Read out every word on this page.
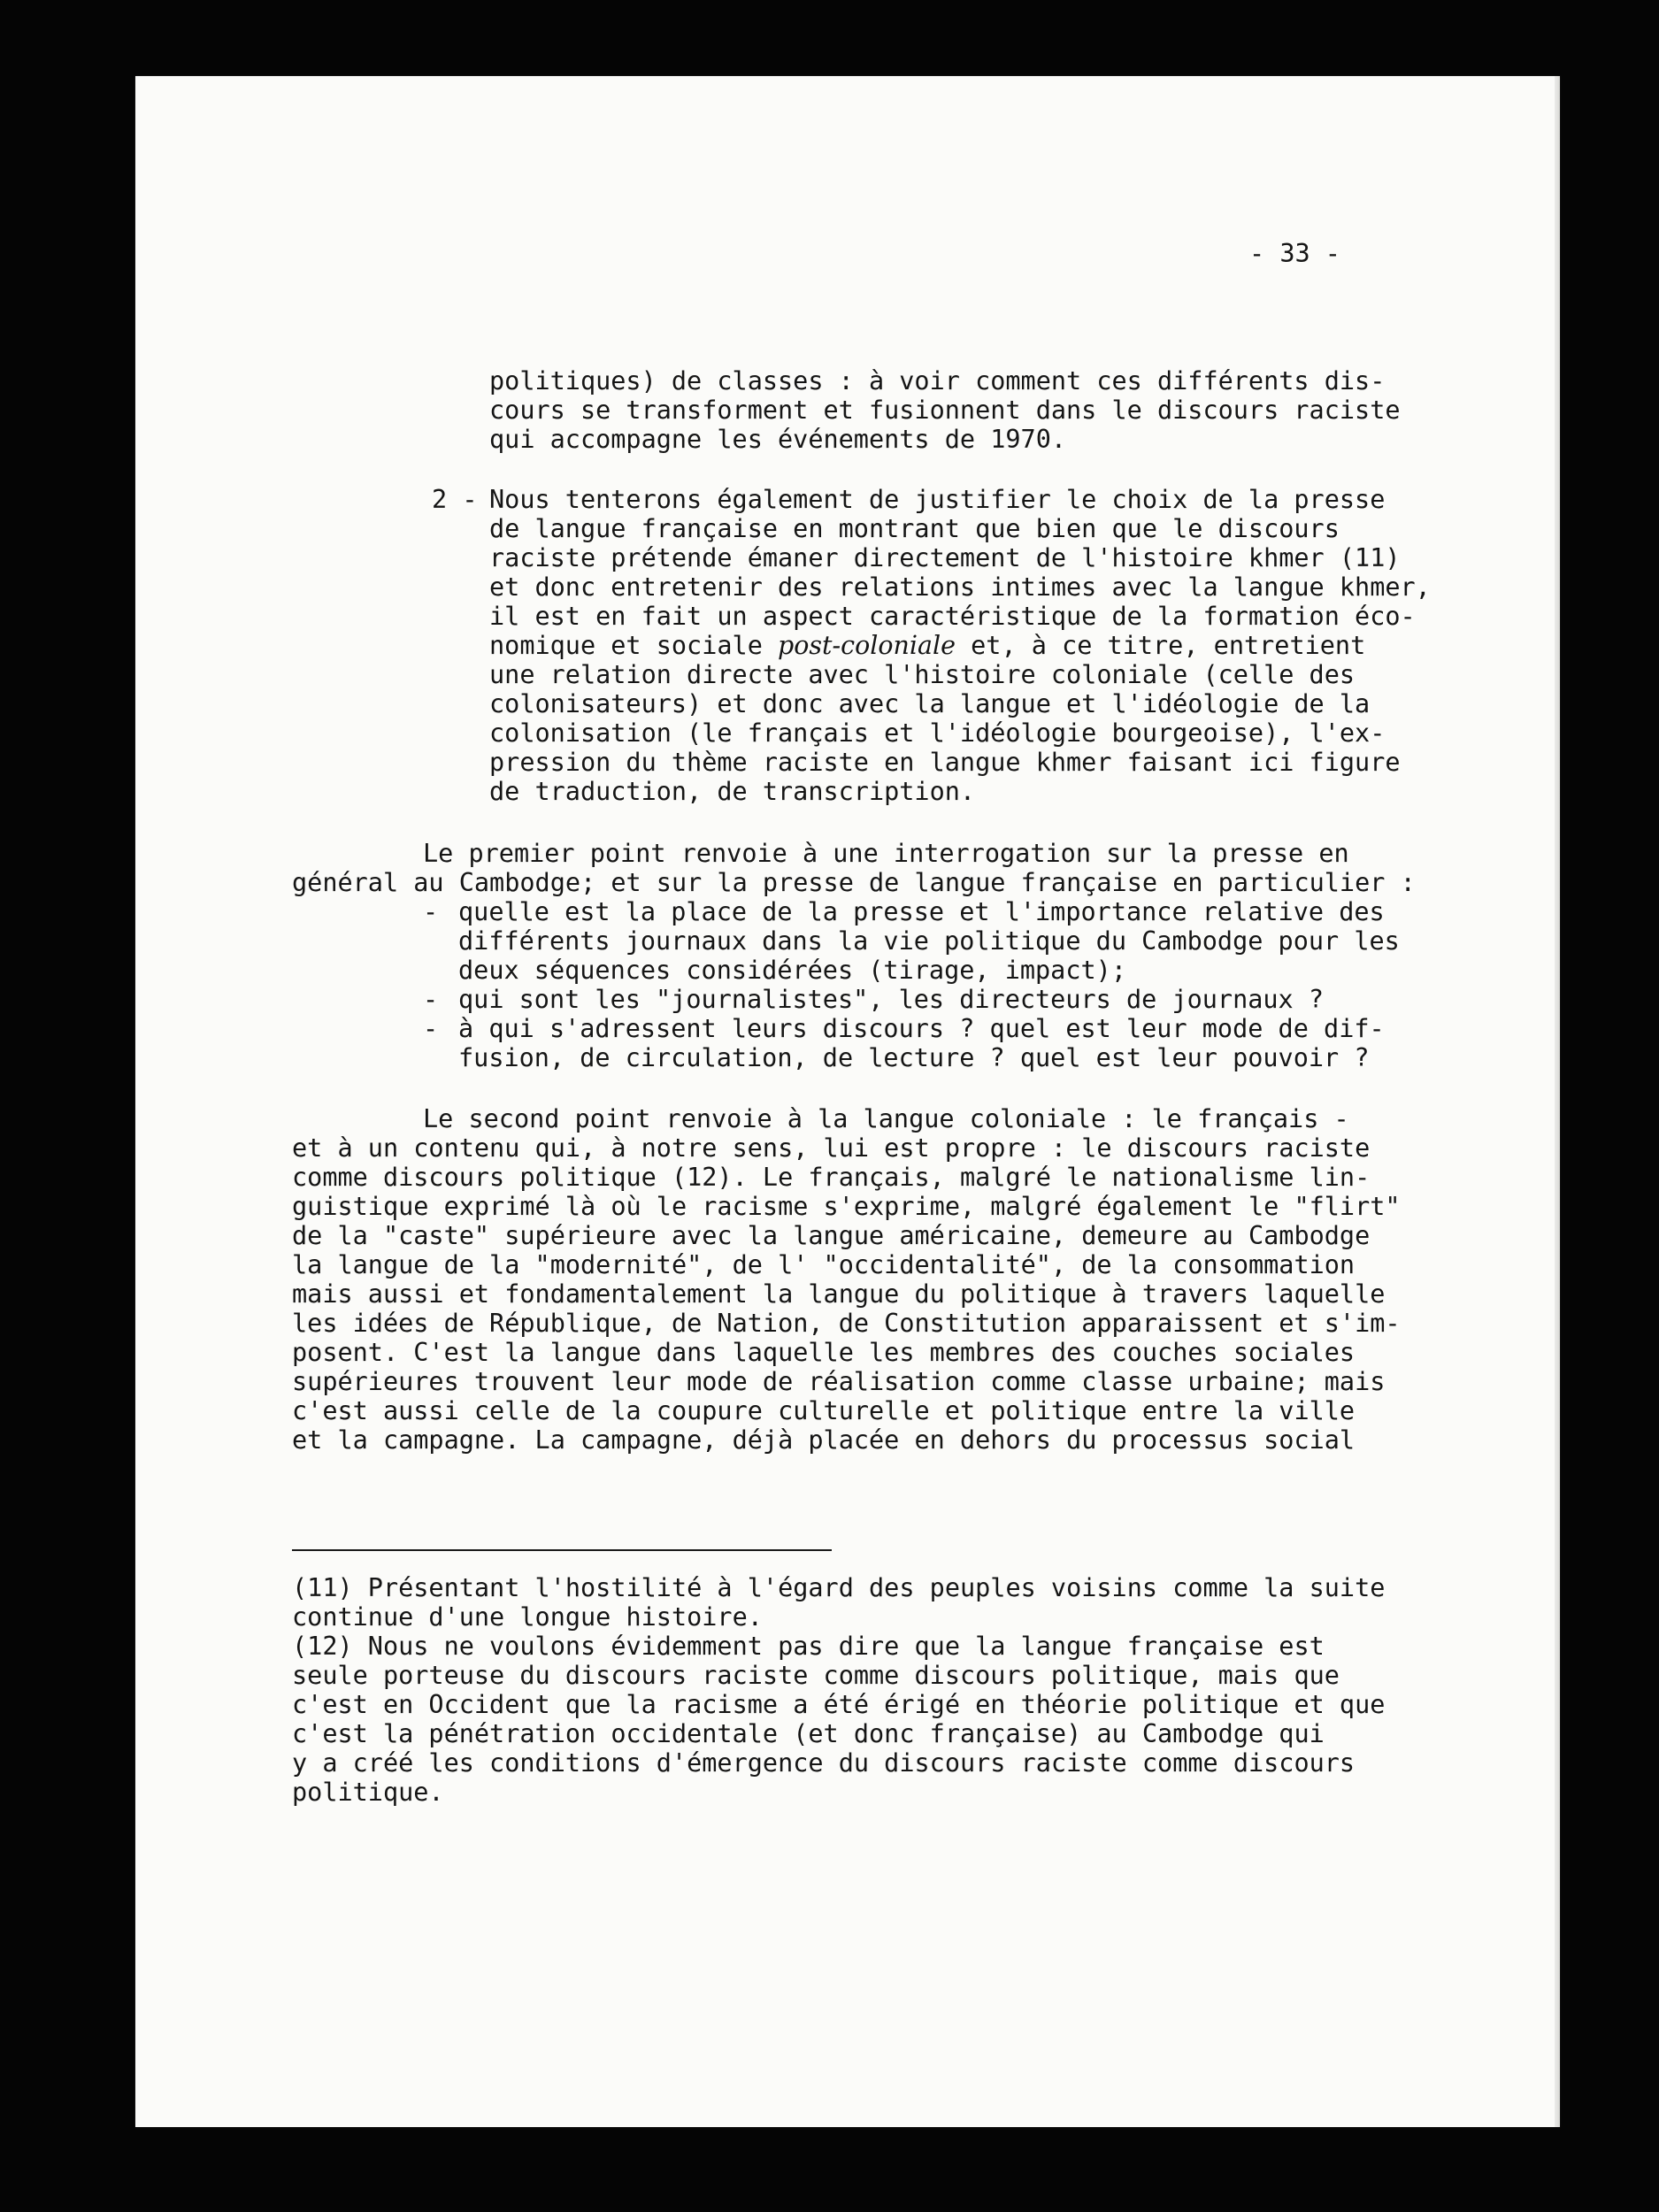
- 33 -

politiques) de classes : à voir comment ces différents dis-

cours se transforment et fusionnent dans le discours raciste

qui accompagne les événements de 1970.

2 -

Nous tenterons également de justifier le choix de la presse

de langue française en montrant que bien que le discours

raciste prétende émaner directement de l'histoire khmer (11)

et donc entretenir des relations intimes avec la langue khmer,

il est en fait un aspect caractéristique de la formation éco-

nomique et sociale post-coloniale et, à ce titre, entretient

une relation directe avec l'histoire coloniale (celle des

colonisateurs) et donc avec la langue et l'idéologie de la

colonisation (le français et l'idéologie bourgeoise), l'ex-

pression du thème raciste en langue khmer faisant ici figure

de traduction, de transcription.

Le premier point renvoie à une interrogation sur la presse en

général au Cambodge; et sur la presse de langue française en particulier :

-

quelle est la place de la presse et l'importance relative des

différents journaux dans la vie politique du Cambodge pour les

deux séquences considérées (tirage, impact);

-

qui sont les "journalistes", les directeurs de journaux ?

-

à qui s'adressent leurs discours ? quel est leur mode de dif-

fusion, de circulation, de lecture ? quel est leur pouvoir ?

Le second point renvoie à la langue coloniale : le français -

et à un contenu qui, à notre sens, lui est propre : le discours raciste

comme discours politique (12). Le français, malgré le nationalisme lin-

guistique exprimé là où le racisme s'exprime, malgré également le "flirt"

de la "caste" supérieure avec la langue américaine, demeure au Cambodge

la langue de la "modernité", de l' "occidentalité", de la consommation

mais aussi et fondamentalement la langue du politique à travers laquelle

les idées de République, de Nation, de Constitution apparaissent et s'im-

posent. C'est la langue dans laquelle les membres des couches sociales

supérieures trouvent leur mode de réalisation comme classe urbaine; mais

c'est aussi celle de la coupure culturelle et politique entre la ville

et la campagne. La campagne, déjà placée en dehors du processus social

(11) Présentant l'hostilité à l'égard des peuples voisins comme la suite

continue d'une longue histoire.

(12) Nous ne voulons évidemment pas dire que la langue française est

seule porteuse du discours raciste comme discours politique, mais que

c'est en Occident que la racisme a été érigé en théorie politique et que

c'est la pénétration occidentale (et donc française) au Cambodge qui

y a créé les conditions d'émergence du discours raciste comme discours

politique.
